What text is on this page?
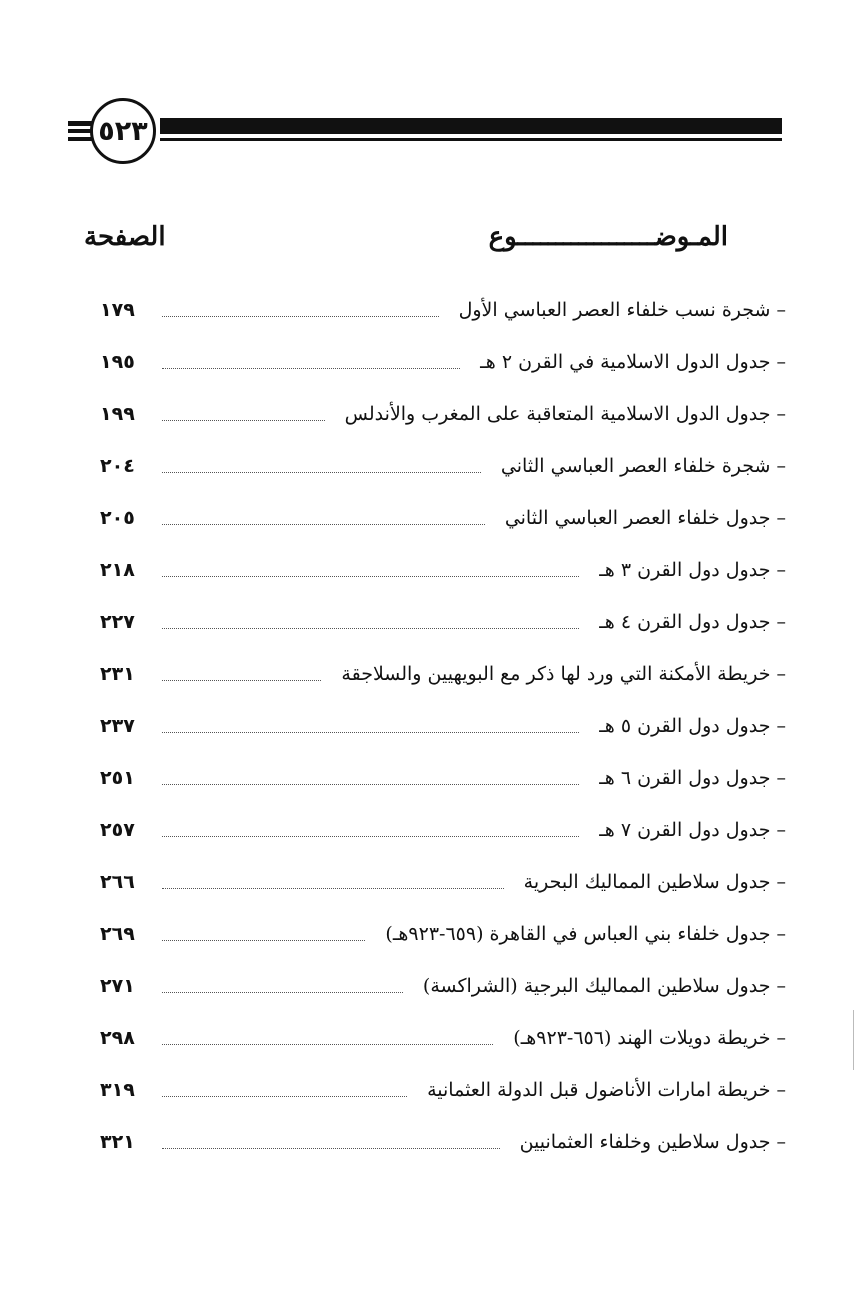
٥٢٣
المـوضــــــــــــــــــوع
الصفحة
– شجرة نسب خلفاء العصر العباسي الأول
١٧٩
– جدول الدول الاسلامية في القرن ٢ هـ
١٩٥
– جدول الدول الاسلامية المتعاقبة على المغرب والأندلس
١٩٩
– شجرة خلفاء العصر العباسي الثاني
٢٠٤
– جدول خلفاء العصر العباسي الثاني
٢٠٥
– جدول دول القرن ٣ هـ
٢١٨
– جدول دول القرن ٤ هـ
٢٢٧
– خريطة الأمكنة التي ورد لها ذكر مع البويهيين والسلاجقة
٢٣١
– جدول دول القرن ٥ هـ
٢٣٧
– جدول دول القرن ٦ هـ
٢٥١
– جدول دول القرن ٧ هـ
٢٥٧
– جدول سلاطين المماليك البحرية
٢٦٦
– جدول خلفاء بني العباس في القاهرة (٦٥٩-٩٢٣هـ)
٢٦٩
– جدول سلاطين المماليك البرجية (الشراكسة)
٢٧١
– خريطة دويلات الهند (٦٥٦-٩٢٣هـ)
٢٩٨
– خريطة امارات الأناضول قبل الدولة العثمانية
٣١٩
– جدول سلاطين وخلفاء العثمانيين
٣٢١
